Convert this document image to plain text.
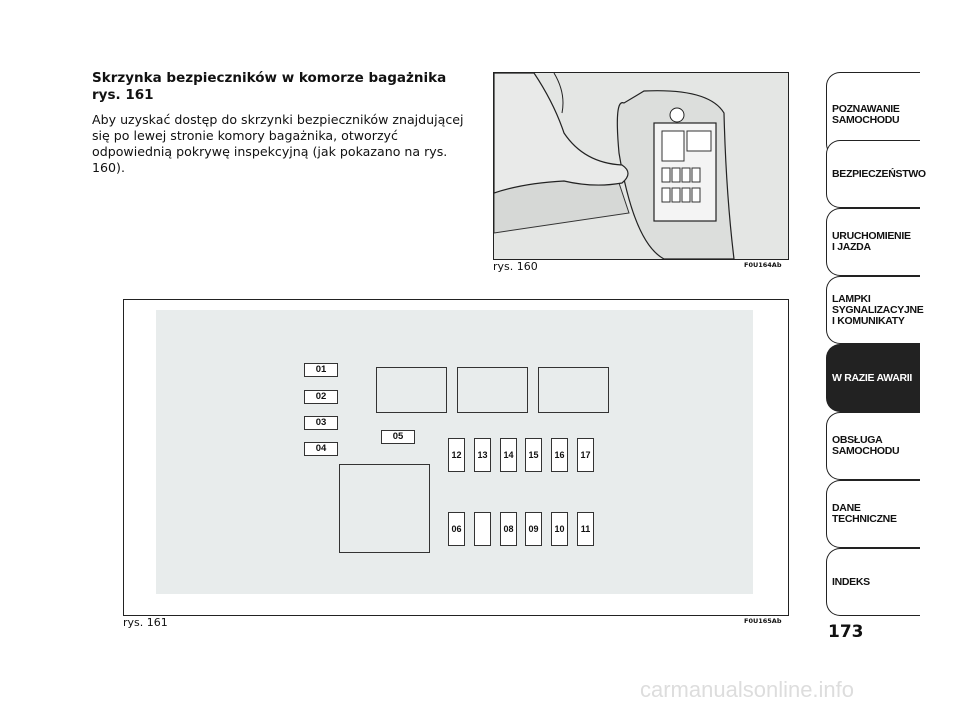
Skrzynka bezpieczników w komorze bagażnika rys. 161
Aby uzyskać dostęp do skrzynki bezpieczników znajdującej się po lewej stronie komory bagażnika, otworzyć odpowiednią pokrywę inspekcyjną (jak pokazano na rys. 160).
rys. 160	F0U164Ab
01
02
03
04
05
12	13	14	15	16	17
06	08	09	10	11
rys. 161	F0U165Ab
POZNAWANIE
SAMOCHODU
BEZPIECZEŃSTWO
URUCHOMIENIE
I JAZDA
LAMPKI
SYGNALIZACYJNE
I KOMUNIKATY
W RAZIE AWARII
OBSŁUGA
SAMOCHODU
DANE
TECHNICZNE
INDEKS
173
carmanualsonline.info
